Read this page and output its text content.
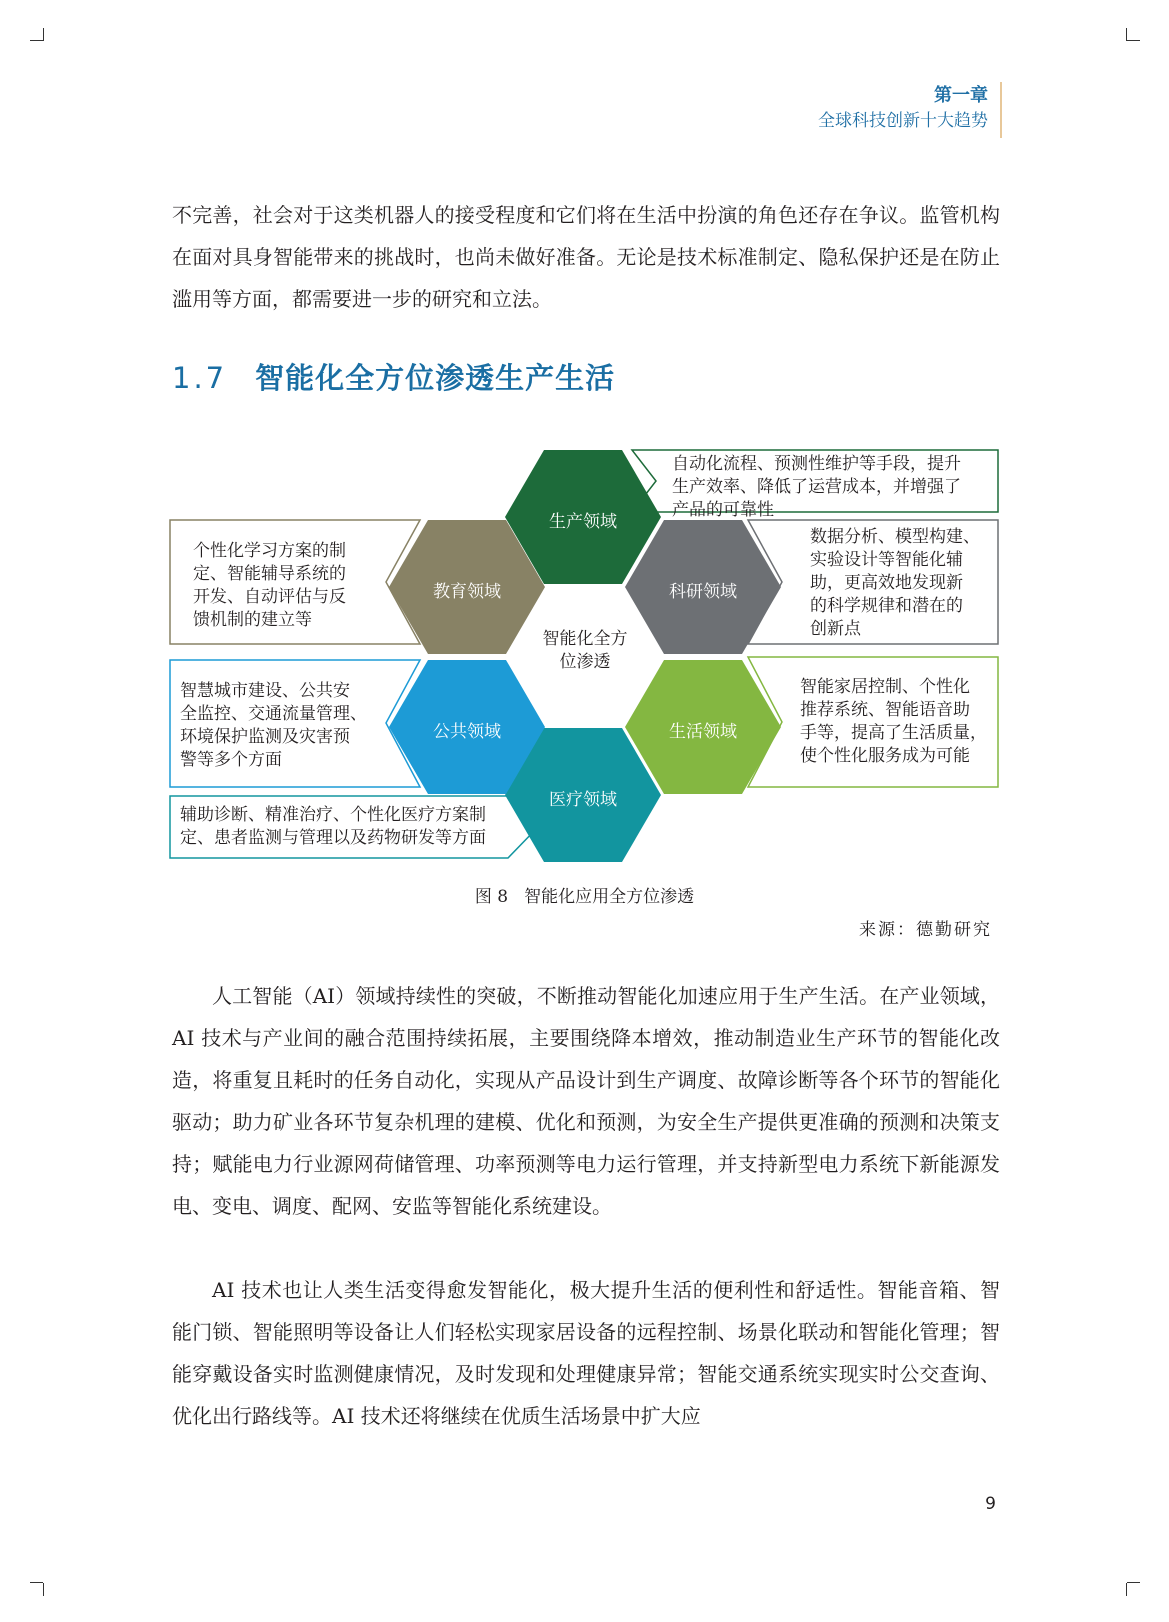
第一章
全球科技创新十大趋势
不完善，社会对于这类机器人的接受程度和它们将在生活中扮演的角色还存在争议。监管机构在面对具身智能带来的挑战时，也尚未做好准备。无论是技术标准制定、隐私保护还是在防止滥用等方面，都需要进一步的研究和立法。
1.7 智能化全方位渗透生产生活
生产领域
科研领域
生活领域
医疗领域
公共领域
教育领域
智能化全方
位渗透
自动化流程、预测性维护等手段，提升
生产效率、降低了运营成本，并增强了
产品的可靠性
数据分析、模型构建、
实验设计等智能化辅
助，更高效地发现新
的科学规律和潜在的
创新点
智能家居控制、个性化
推荐系统、智能语音助
手等，提高了生活质量，
使个性化服务成为可能
辅助诊断、精准治疗、个性化医疗方案制
定、患者监测与管理以及药物研发等方面
智慧城市建设、公共安
全监控、交通流量管理、
环境保护监测及灾害预
警等多个方面
个性化学习方案的制
定、智能辅导系统的
开发、自动评估与反
馈机制的建立等
图 8 智能化应用全方位渗透
来源：德勤研究
人工智能（AI）领域持续性的突破，不断推动智能化加速应用于生产生活。在产业领域，AI 技术与产业间的融合范围持续拓展，主要围绕降本增效，推动制造业生产环节的智能化改造，将重复且耗时的任务自动化，实现从产品设计到生产调度、故障诊断等各个环节的智能化驱动；助力矿业各环节复杂机理的建模、优化和预测，为安全生产提供更准确的预测和决策支持；赋能电力行业源网荷储管理、功率预测等电力运行管理，并支持新型电力系统下新能源发电、变电、调度、配网、安监等智能化系统建设。
AI 技术也让人类生活变得愈发智能化，极大提升生活的便利性和舒适性。智能音箱、智能门锁、智能照明等设备让人们轻松实现家居设备的远程控制、场景化联动和智能化管理；智能穿戴设备实时监测健康情况，及时发现和处理健康异常；智能交通系统实现实时公交查询、优化出行路线等。AI 技术还将继续在优质生活场景中扩大应
9
